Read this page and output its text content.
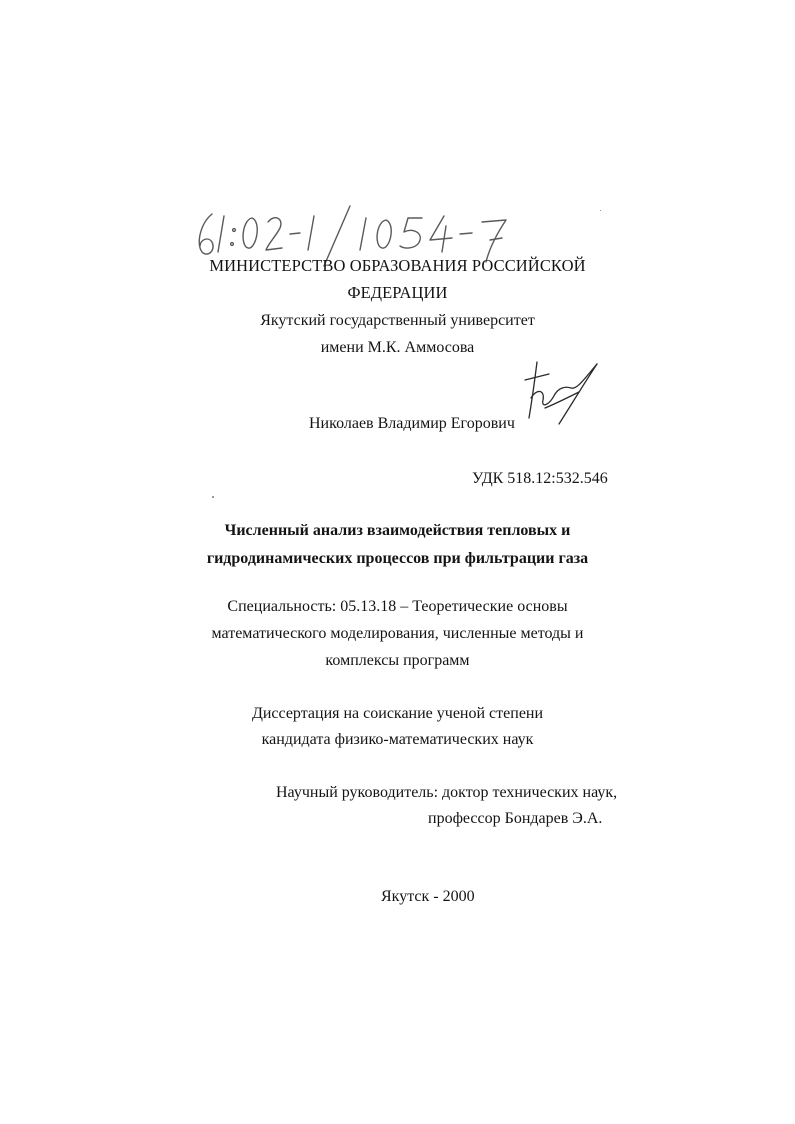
МИНИСТЕРСТВО ОБРАЗОВАНИЯ РОССИЙСКОЙ
ФЕДЕРАЦИИ
Якутский государственный университет
имени М.К. Аммосова
Николаев Владимир Егорович
УДК 518.12:532.546
Численный анализ взаимодействия тепловых и
гидродинамических процессов при фильтрации газа
Специальность: 05.13.18 – Теоретические основы
математического моделирования, численные методы и
комплексы программ
Диссертация на соискание ученой степени
кандидата физико-математических наук
Научный руководитель: доктор технических наук,
профессор Бондарев Э.А.
Якутск - 2000
